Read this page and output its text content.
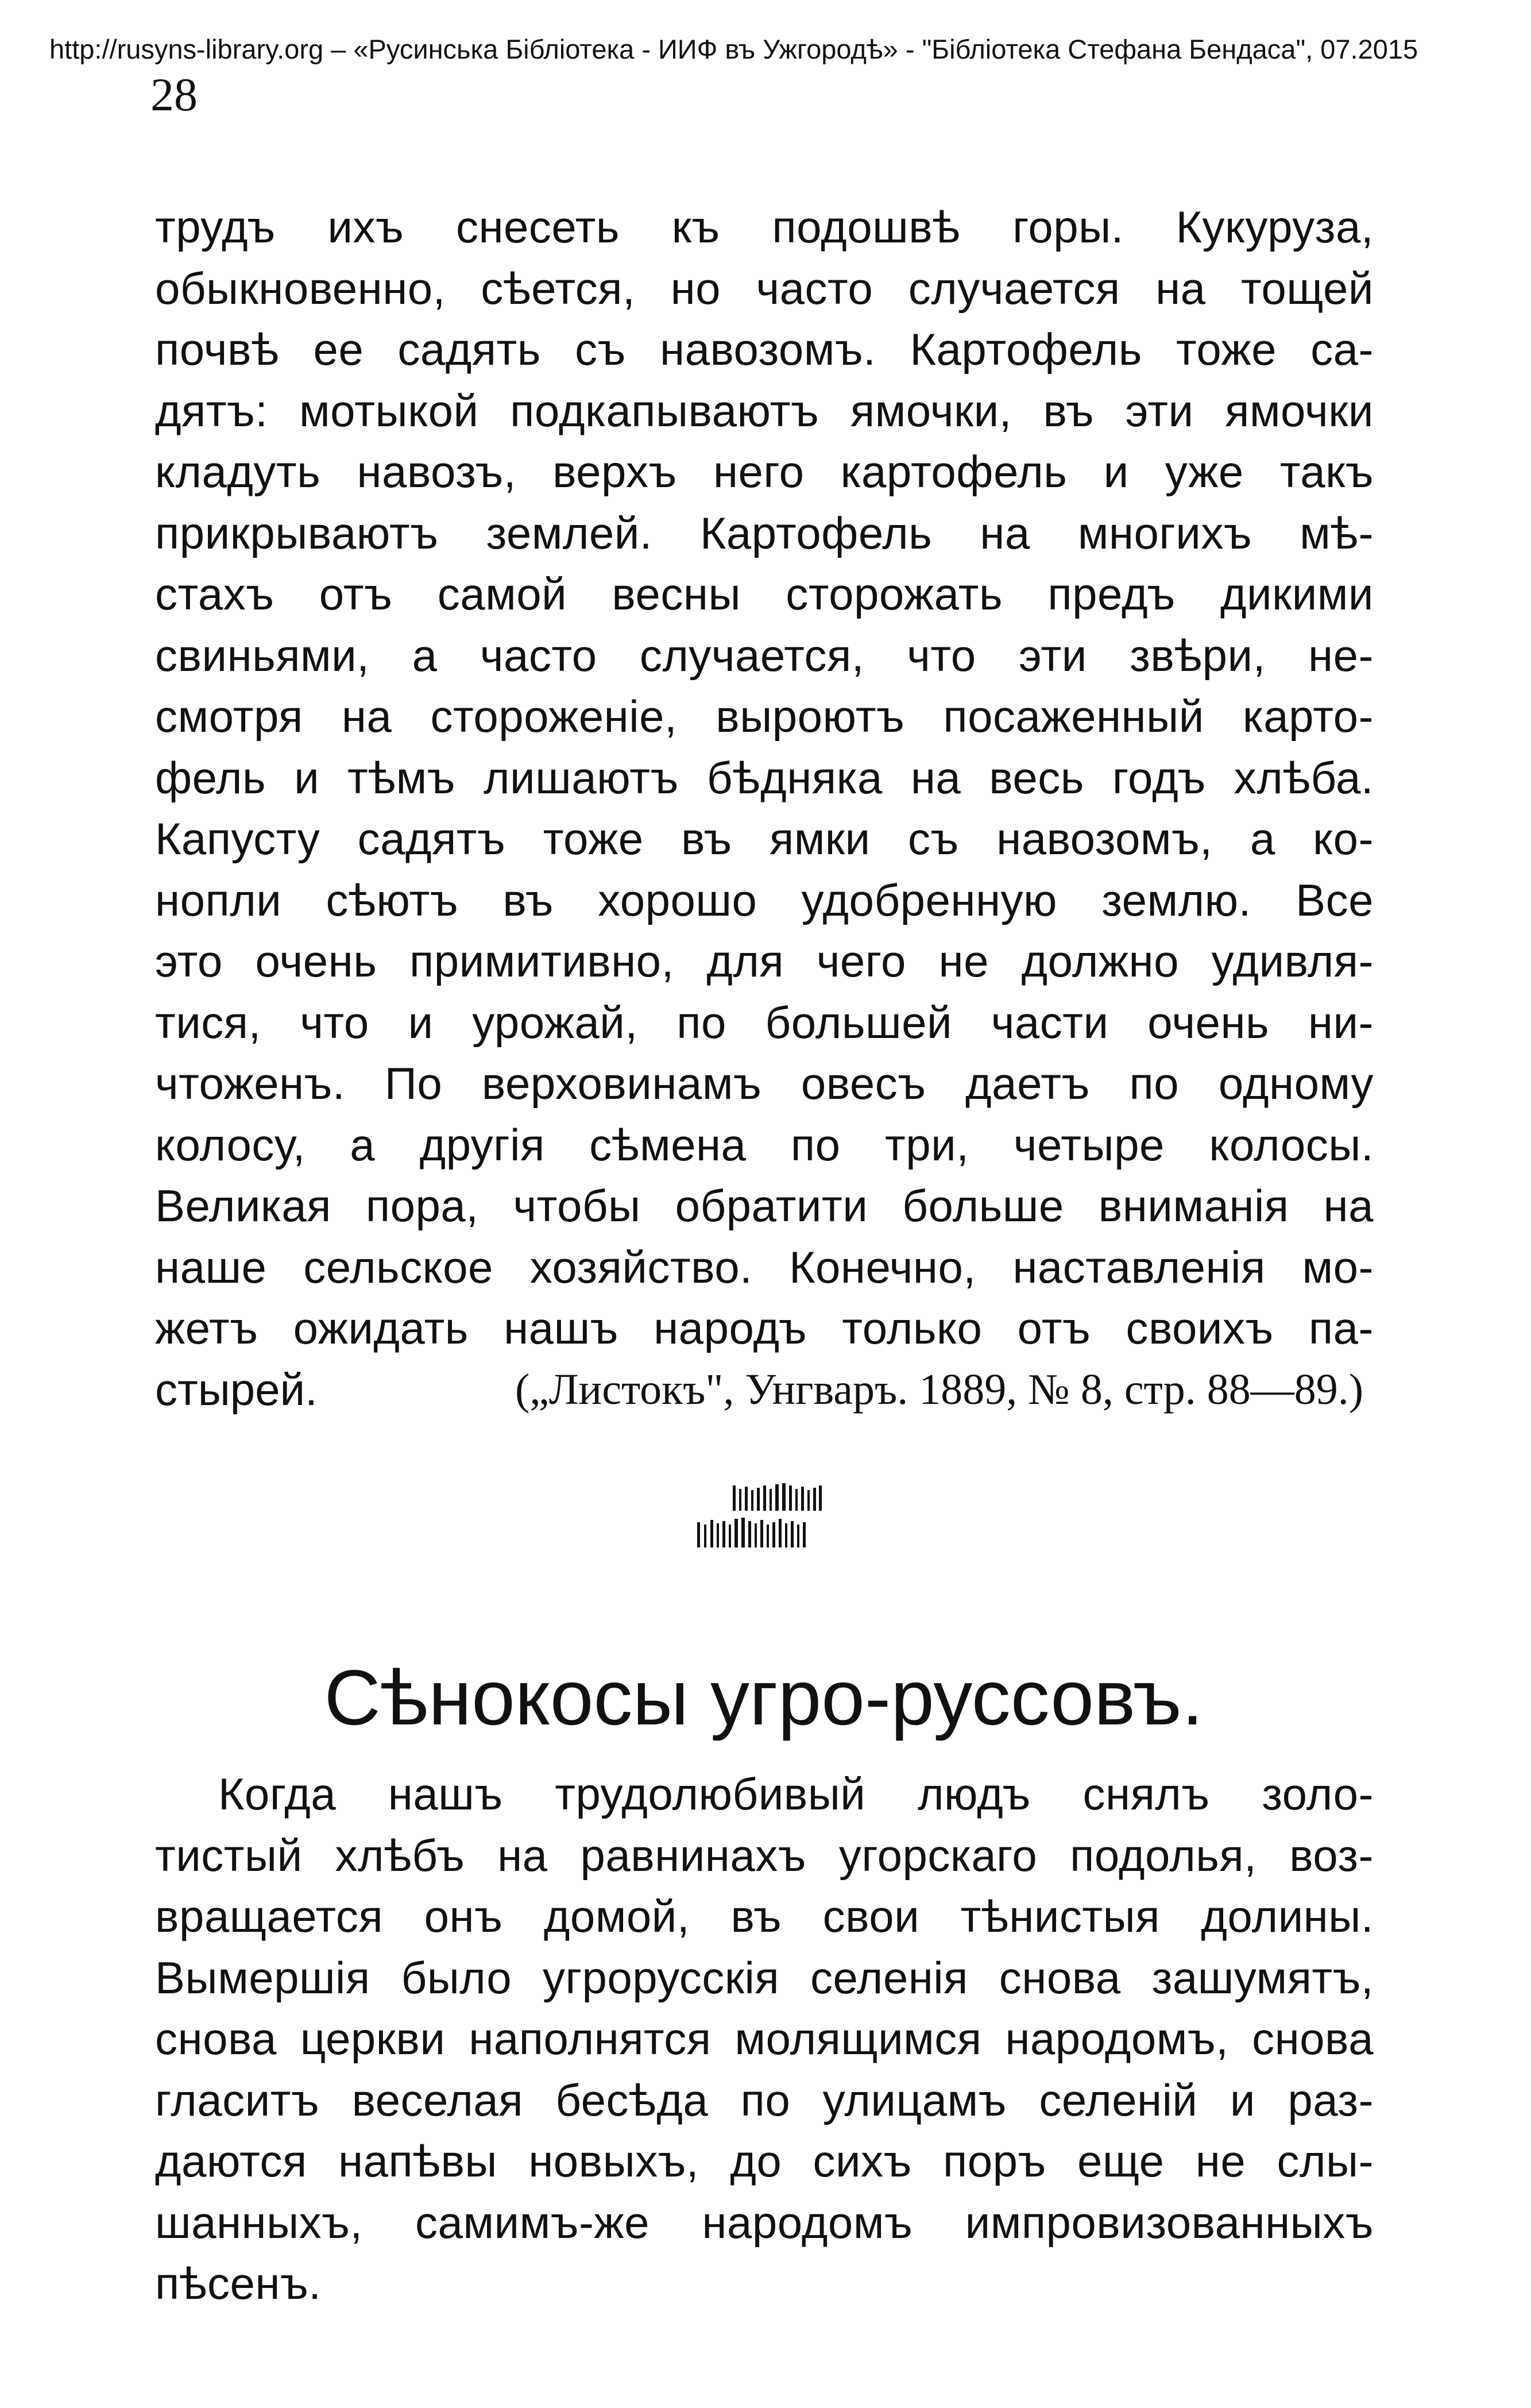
http://rusyns-library.org – «Русинська Бібліотека - ИИФ въ Ужгородѣ» - "Бібліотека Стефана Бендаса", 07.2015
28
трудъ ихъ снесеть къ подошвѣ горы. Кукуруза,
обыкновенно, сѣется, но часто случается на тощей
почвѣ ее садять съ навозомъ. Картофель тоже са-
дятъ: мотыкой подкапываютъ ямочки, въ эти ямочки
кладуть навозъ, верхъ него картофель и уже такъ
прикрываютъ землей. Картофель на многихъ мѣ-
стахъ отъ самой весны сторожать предъ дикими
свиньями, а часто случается, что эти звѣри, не-
смотря на стороженіе, выроютъ посаженный карто-
фель и тѣмъ лишаютъ бѣдняка на весь годъ хлѣба.
Капусту садятъ тоже въ ямки съ навозомъ, а ко-
нопли сѣютъ въ хорошо удобренную землю. Все
это очень примитивно, для чего не должно удивля-
тися, что и урожай, по большей части очень ни-
чтоженъ. По верховинамъ овесъ даетъ по одному
колосу, а другія сѣмена по три, четыре колосы.
Великая пора, чтобы обратити больше вниманія на
наше сельское хозяйство. Конечно, наставленія мо-
жетъ ожидать нашъ народъ только отъ своихъ па-
стырей.	(„Листокъ", Унгваръ. 1889, № 8, стр. 88—89.)
Сѣнокосы угро-руссовъ.
Когда нашъ трудолюбивый людъ снялъ золо-
тистый хлѣбъ на равнинахъ угорскаго подолья, воз-
вращается онъ домой, въ свои тѣнистыя долины.
Вымершія было угрорусскія селенія снова зашумятъ,
снова церкви наполнятся молящимся народомъ, снова
гласитъ веселая бесѣда по улицамъ селеній и раз-
даются напѣвы новыхъ, до сихъ поръ еще не слы-
шанныхъ, самимъ-же народомъ импровизованныхъ
пѣсенъ.
